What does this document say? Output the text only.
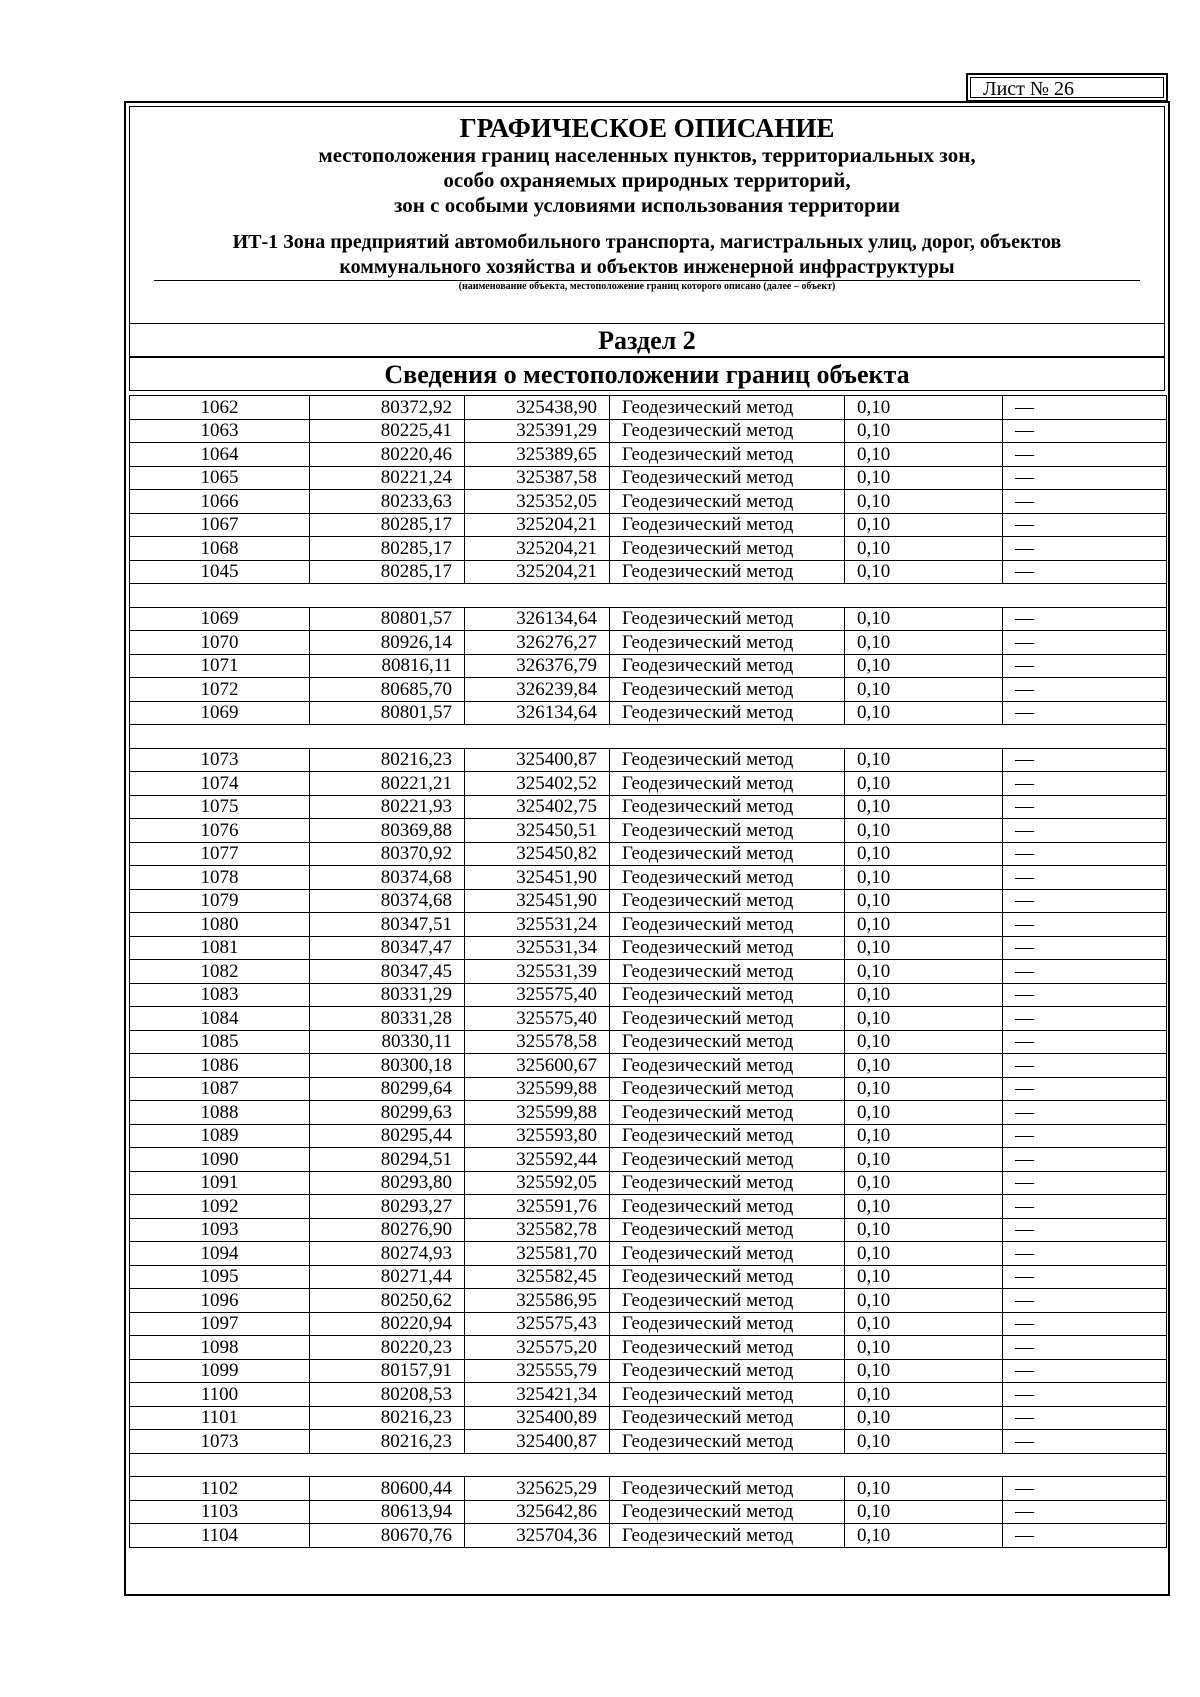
Лист № 26
ГРАФИЧЕСКОЕ ОПИСАНИЕ
местоположения границ населенных пунктов, территориальных зон,
особо охраняемых природных территорий,
зон с особыми условиями использования территории
ИТ-1 Зона предприятий автомобильного транспорта, магистральных улиц, дорог, объектов
коммунального хозяйства и объектов инженерной инфраструктуры
(наименование объекта, местоположение границ которого описано (далее – объект)
Раздел 2
Сведения о местоположении границ объекта
1062	80372,92	325438,90	Геодезический метод	0,10	—
1063	80225,41	325391,29	Геодезический метод	0,10	—
1064	80220,46	325389,65	Геодезический метод	0,10	—
1065	80221,24	325387,58	Геодезический метод	0,10	—
1066	80233,63	325352,05	Геодезический метод	0,10	—
1067	80285,17	325204,21	Геодезический метод	0,10	—
1068	80285,17	325204,21	Геодезический метод	0,10	—
1045	80285,17	325204,21	Геодезический метод	0,10	—

1069	80801,57	326134,64	Геодезический метод	0,10	—
1070	80926,14	326276,27	Геодезический метод	0,10	—
1071	80816,11	326376,79	Геодезический метод	0,10	—
1072	80685,70	326239,84	Геодезический метод	0,10	—
1069	80801,57	326134,64	Геодезический метод	0,10	—

1073	80216,23	325400,87	Геодезический метод	0,10	—
1074	80221,21	325402,52	Геодезический метод	0,10	—
1075	80221,93	325402,75	Геодезический метод	0,10	—
1076	80369,88	325450,51	Геодезический метод	0,10	—
1077	80370,92	325450,82	Геодезический метод	0,10	—
1078	80374,68	325451,90	Геодезический метод	0,10	—
1079	80374,68	325451,90	Геодезический метод	0,10	—
1080	80347,51	325531,24	Геодезический метод	0,10	—
1081	80347,47	325531,34	Геодезический метод	0,10	—
1082	80347,45	325531,39	Геодезический метод	0,10	—
1083	80331,29	325575,40	Геодезический метод	0,10	—
1084	80331,28	325575,40	Геодезический метод	0,10	—
1085	80330,11	325578,58	Геодезический метод	0,10	—
1086	80300,18	325600,67	Геодезический метод	0,10	—
1087	80299,64	325599,88	Геодезический метод	0,10	—
1088	80299,63	325599,88	Геодезический метод	0,10	—
1089	80295,44	325593,80	Геодезический метод	0,10	—
1090	80294,51	325592,44	Геодезический метод	0,10	—
1091	80293,80	325592,05	Геодезический метод	0,10	—
1092	80293,27	325591,76	Геодезический метод	0,10	—
1093	80276,90	325582,78	Геодезический метод	0,10	—
1094	80274,93	325581,70	Геодезический метод	0,10	—
1095	80271,44	325582,45	Геодезический метод	0,10	—
1096	80250,62	325586,95	Геодезический метод	0,10	—
1097	80220,94	325575,43	Геодезический метод	0,10	—
1098	80220,23	325575,20	Геодезический метод	0,10	—
1099	80157,91	325555,79	Геодезический метод	0,10	—
1100	80208,53	325421,34	Геодезический метод	0,10	—
1101	80216,23	325400,89	Геодезический метод	0,10	—
1073	80216,23	325400,87	Геодезический метод	0,10	—

1102	80600,44	325625,29	Геодезический метод	0,10	—
1103	80613,94	325642,86	Геодезический метод	0,10	—
1104	80670,76	325704,36	Геодезический метод	0,10	—
